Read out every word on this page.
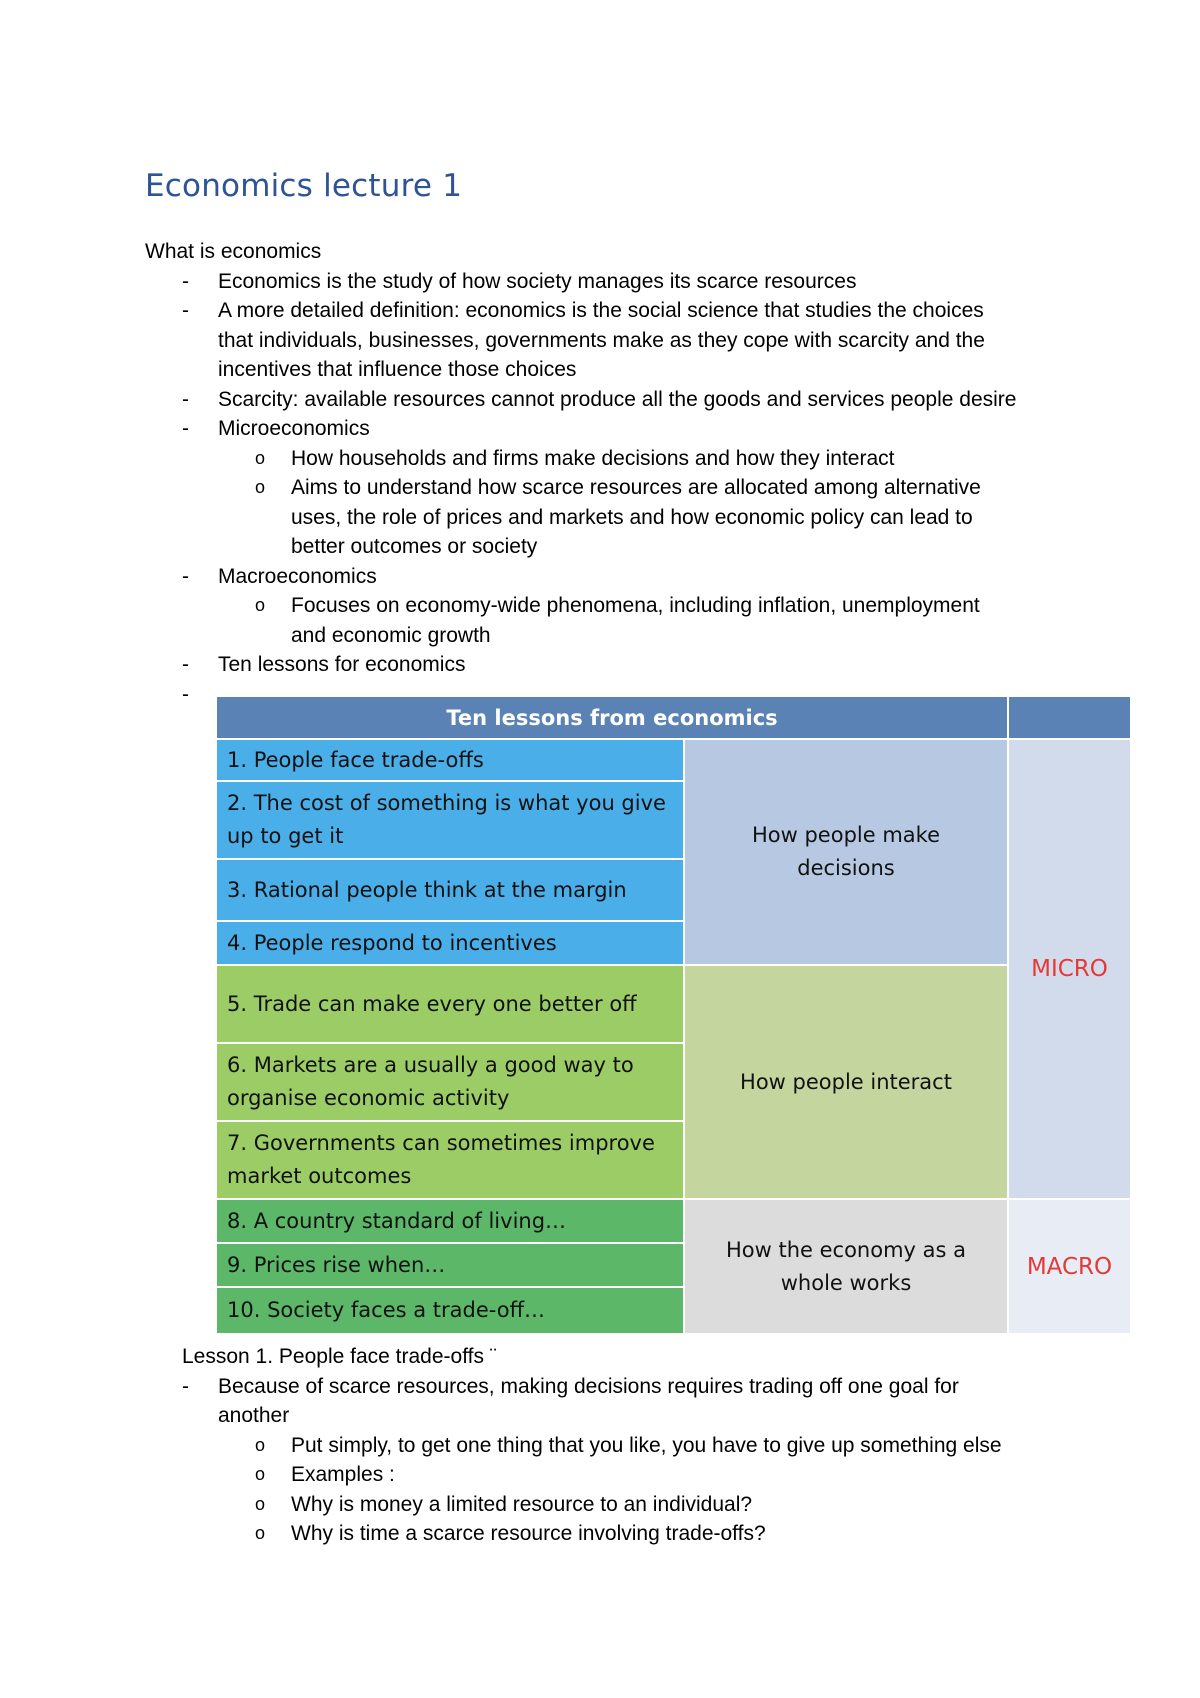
Economics lecture 1
What is economics
- Economics is the study of how society manages its scarce resources
- A more detailed definition: economics is the social science that studies the choices
that individuals, businesses, governments make as they cope with scarcity and the
incentives that influence those choices
- Scarcity: available resources cannot produce all the goods and services people desire
- Microeconomics
o How households and firms make decisions and how they interact
o Aims to understand how scarce resources are allocated among alternative
uses, the role of prices and markets and how economic policy can lead to
better outcomes or society
- Macroeconomics
o Focuses on economy-wide phenomena, including inflation, unemployment
and economic growth
- Ten lessons for economics
-

Ten lessons from economics
1. People face trade-offs
2. The cost of something is what you give up to get it
3. Rational people think at the margin
4. People respond to incentives
5. Trade can make every one better off
6. Markets are a usually a good way to organise economic activity
7. Governments can sometimes improve market outcomes
8. A country standard of living…
9. Prices rise when…
10. Society faces a trade-off…
How people make decisions
How people interact
How the economy as a whole works
MICRO
MACRO
Lesson 1. People face trade-offs ¨
- Because of scarce resources, making decisions requires trading off one goal for
another
o Put simply, to get one thing that you like, you have to give up something else
o Examples :
o Why is money a limited resource to an individual?
o Why is time a scarce resource involving trade-offs?
